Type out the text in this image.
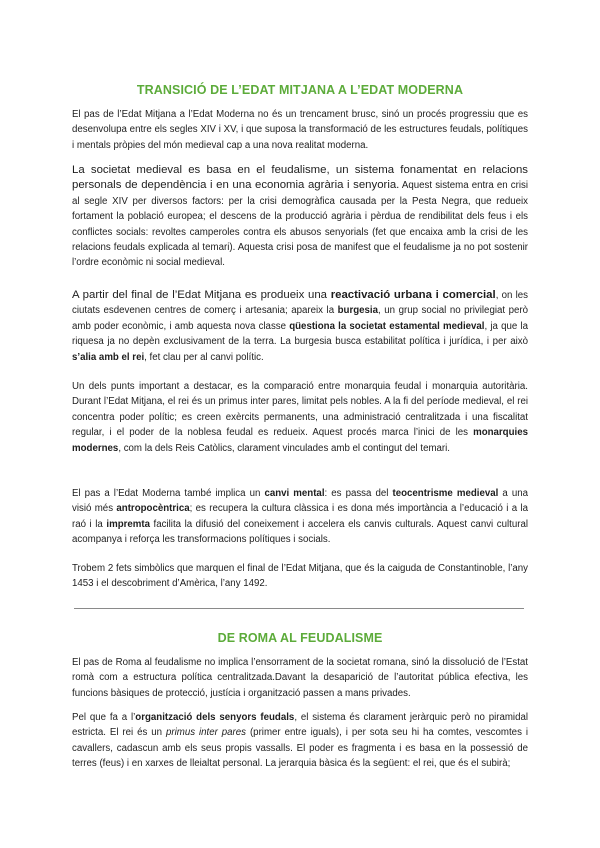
TRANSICIÓ DE L’EDAT MITJANA A L’EDAT MODERNA

El pas de l’Edat Mitjana a l’Edat Moderna no és un trencament brusc, sinó un procés progressiu que es desenvolupa entre els segles XIV i XV, i que suposa la transformació de les estructures feudals, polítiques i mentals pròpies del món medieval cap a una nova realitat moderna.

La societat medieval es basa en el feudalisme, un sistema fonamentat en relacions personals de dependència i en una economia agrària i senyoria. Aquest sistema entra en crisi al segle XIV per diversos factors: per la crisi demogràfica causada per la Pesta Negra, que redueix fortament la població europea; el descens de la producció agrària i pèrdua de rendibilitat dels feus i els conflictes socials: revoltes camperoles contra els abusos senyorials (fet que encaixa amb la crisi de les relacions feudals explicada al temari). Aquesta crisi posa de manifest que el feudalisme ja no pot sostenir l’ordre econòmic ni social medieval.

A partir del final de l’Edat Mitjana es produeix una reactivació urbana i comercial, on les ciutats esdevenen centres de comerç i artesania; apareix la burgesia, un grup social no privilegiat però amb poder econòmic, i amb aquesta nova classe qüestiona la societat estamental medieval, ja que la riquesa ja no depèn exclusivament de la terra. La burgesia busca estabilitat política i jurídica, i per això s’alia amb el rei, fet clau per al canvi polític.

Un dels punts important a destacar, es la comparació entre monarquia feudal i monarquia autoritària. Durant l’Edat Mitjana, el rei és un primus inter pares, limitat pels nobles. A la fi del període medieval, el rei concentra poder polític; es creen exèrcits permanents, una administració centralitzada i una fiscalitat regular, i el poder de la noblesa feudal es redueix. Aquest procés marca l’inici de les monarquies modernes, com la dels Reis Catòlics, clarament vinculades amb el contingut del temari.

El pas a l’Edat Moderna també implica un canvi mental: es passa del teocentrisme medieval a una visió més antropocèntrica; es recupera la cultura clàssica i es dona més importància a l’educació i a la raó i la impremta facilita la difusió del coneixement i accelera els canvis culturals. Aquest canvi cultural acompanya i reforça les transformacions polítiques i socials.

Trobem 2 fets simbòlics que marquen el final de l’Edat Mitjana, que és la caiguda de Constantinoble, l’any 1453 i el descobriment d’Amèrica, l’any 1492.

DE ROMA AL FEUDALISME

El pas de Roma al feudalisme no implica l’ensorrament de la societat romana, sinó la dissolució de l’Estat romà com a estructura política centralitzada.Davant la desaparició de l’autoritat pública efectiva, les funcions bàsiques de protecció, justícia i organització passen a mans privades.

Pel que fa a l’organització dels senyors feudals, el sistema és clarament jeràrquic però no piramidal estricta. El rei és un primus inter pares (primer entre iguals), i per sota seu hi ha comtes, vescomtes i cavallers, cadascun amb els seus propis vassalls. El poder es fragmenta i es basa en la possessió de terres (feus) i en xarxes de lleialtat personal. La jerarquia bàsica és la següent: el rei, que és el subirà;
